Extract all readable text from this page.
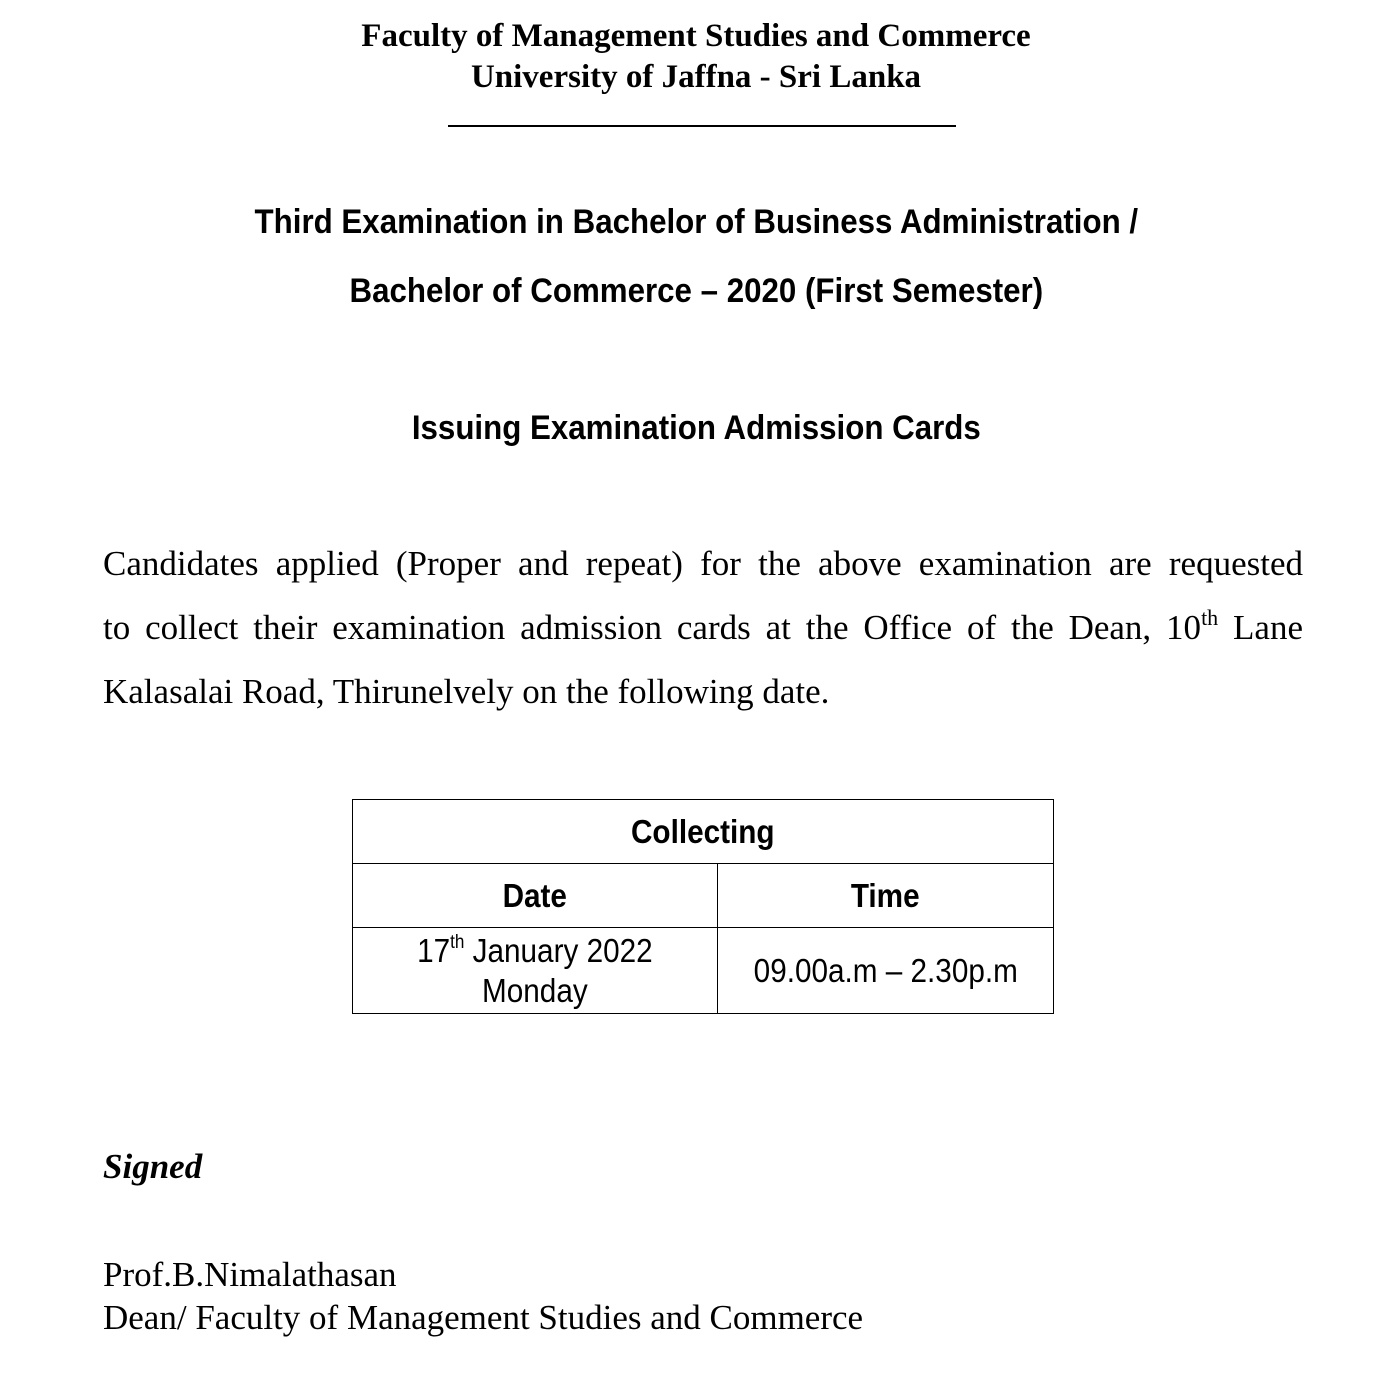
Faculty of Management Studies and Commerce
University of Jaffna - Sri Lanka
Third Examination in Bachelor of Business Administration /
Bachelor of Commerce – 2020 (First Semester)
Issuing Examination Admission Cards
Candidates applied (Proper and repeat) for the above examination are requested
to collect their examination admission cards at the Office of the Dean, 10th Lane
Kalasalai Road, Thirunelvely on the following date.
Collecting	
Date	Time
17th January 2022
Monday	09.00a.m – 2.30p.m
Signed
Prof.B.Nimalathasan
Dean/ Faculty of Management Studies and Commerce
